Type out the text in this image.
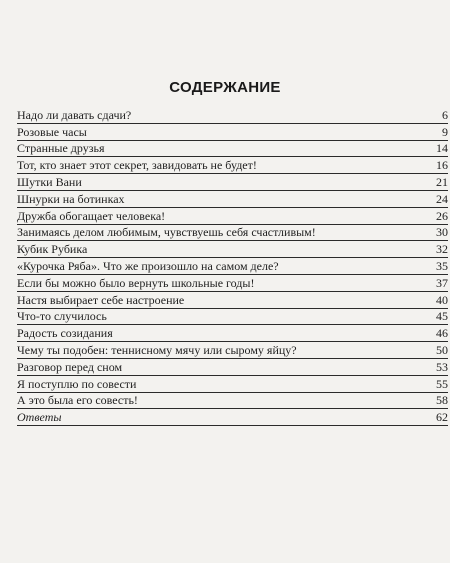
СОДЕРЖАНИЕ
Надо ли давать сдачи?	6
Розовые часы	9
Странные друзья	14
Тот, кто знает этот секрет, завидовать не будет!	16
Шутки Вани	21
Шнурки на ботинках	24
Дружба обогащает человека!	26
Занимаясь делом любимым, чувствуешь себя счастливым!	30
Кубик Рубика	32
«Курочка Ряба». Что же произошло на самом деле?	35
Если бы можно было вернуть школьные годы!	37
Настя выбирает себе настроение	40
Что-то случилось	45
Радость созидания	46
Чему ты подобен: теннисному мячу или сырому яйцу?	50
Разговор перед сном	53
Я поступлю по совести	55
А это была его совесть!	58
Ответы	62
